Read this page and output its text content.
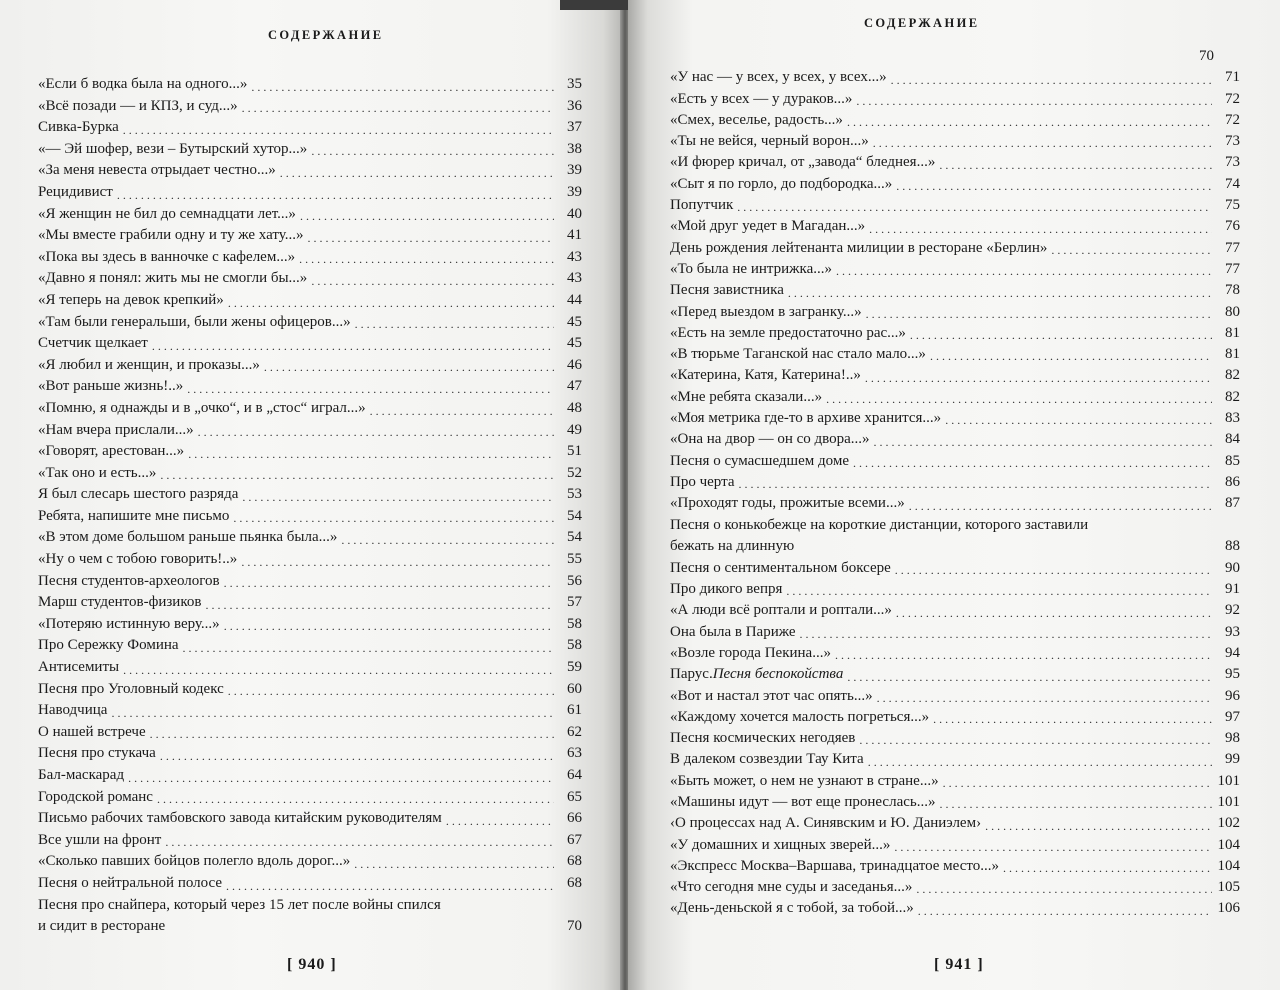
СОДЕРЖАНИЕ
«Если б водка была на одного...» . . .	35
«Всё позади — и КПЗ, и суд...» . . .	36
Сивка-Бурка . . .	37
«— Эй шофер, вези – Бутырский хутор...» . . .	38
«За меня невеста отрыдает честно...» . . .	39
Рецидивист . . .	39
«Я женщин не бил до семнадцати лет...» . . .	40
«Мы вместе грабили одну и ту же хату...» . . .	41
«Пока вы здесь в ванночке с кафелем...» . . .	43
«Давно я понял: жить мы не смогли бы...» . . .	43
«Я теперь на девок крепкий» . . .	44
«Там были генеральши, были жены офицеров...» . . .	45
Счетчик щелкает . . .	45
«Я любил и женщин, и проказы...» . . .	46
«Вот раньше жизнь!..» . . .	47
«Помню, я однажды и в „очко“, и в „стос“ играл...» . . .	48
«Нам вчера прислали...» . . .	49
«Говорят, арестован...» . . .	51
«Так оно и есть...» . . .	52
Я был слесарь шестого разряда . . .	53
Ребята, напишите мне письмо . . .	54
«В этом доме большом раньше пьянка была...» . . .	54
«Ну о чем с тобою говорить!..» . . .	55
Песня студентов-археологов . . .	56
Марш студентов-физиков . . .	57
«Потеряю истинную веру...» . . .	58
Про Сережку Фомина . . .	58
Антисемиты . . .	59
Песня про Уголовный кодекс . . .	60
Наводчица . . .	61
О нашей встрече . . .	62
Песня про стукача . . .	63
Бал-маскарад . . .	64
Городской романс . . .	65
Письмо рабочих тамбовского завода китайским руководителям . . .	66
Все ушли на фронт . . .	67
«Сколько павших бойцов полегло вдоль дорог...» . . .	68
Песня о нейтральной полосе . . .	68
Песня про снайпера, который через 15 лет после войны спился
и сидит в ресторане	70
[ 940 ]
СОДЕРЖАНИЕ
70
«У нас — у всех, у всех, у всех...» . . .	71
«Есть у всех — у дураков...» . . .	72
«Смех, веселье, радость...» . . .	72
«Ты не вейся, черный ворон...» . . .	73
«И фюрер кричал, от „завода“ бледнея...» . . .	73
«Сыт я по горло, до подбородка...» . . .	74
Попутчик . . .	75
«Мой друг уедет в Магадан...» . . .	76
День рождения лейтенанта милиции в ресторане «Берлин» . . .	77
«То была не интрижка...» . . .	77
Песня завистника . . .	78
«Перед выездом в загранку...» . . .	80
«Есть на земле предостаточно рас...» . . .	81
«В тюрьме Таганской нас стало мало...» . . .	81
«Катерина, Катя, Катерина!..» . . .	82
«Мне ребята сказали...» . . .	82
«Моя метрика где-то в архиве хранится...» . . .	83
«Она на двор — он со двора...» . . .	84
Песня о сумасшедшем доме . . .	85
Про черта . . .	86
«Проходят годы, прожитые всеми...» . . .	87
Песня о конькобежце на короткие дистанции, которого заставили
бежать на длинную	88
Песня о сентиментальном боксере . . .	90
Про дикого вепря . . .	91
«А люди всё роптали и роптали...» . . .	92
Она была в Париже . . .	93
«Возле города Пекина...» . . .	94
Парус. Песня беспокойства . . .	95
«Вот и настал этот час опять...» . . .	96
«Каждому хочется малость погреться...» . . .	97
Песня космических негодяев . . .	98
В далеком созвездии Тау Кита . . .	99
«Быть может, о нем не узнают в стране...» . . .	101
«Машины идут — вот еще пронеслась...» . . .	101
‹О процессах над А. Синявским и Ю. Даниэлем› . . .	102
«У домашних и хищных зверей...» . . .	104
«Экспресс Москва–Варшава, тринадцатое место...» . . .	104
«Что сегодня мне суды и заседанья...» . . .	105
«День-деньской я с тобой, за тобой...» . . .	106
[ 941 ]
